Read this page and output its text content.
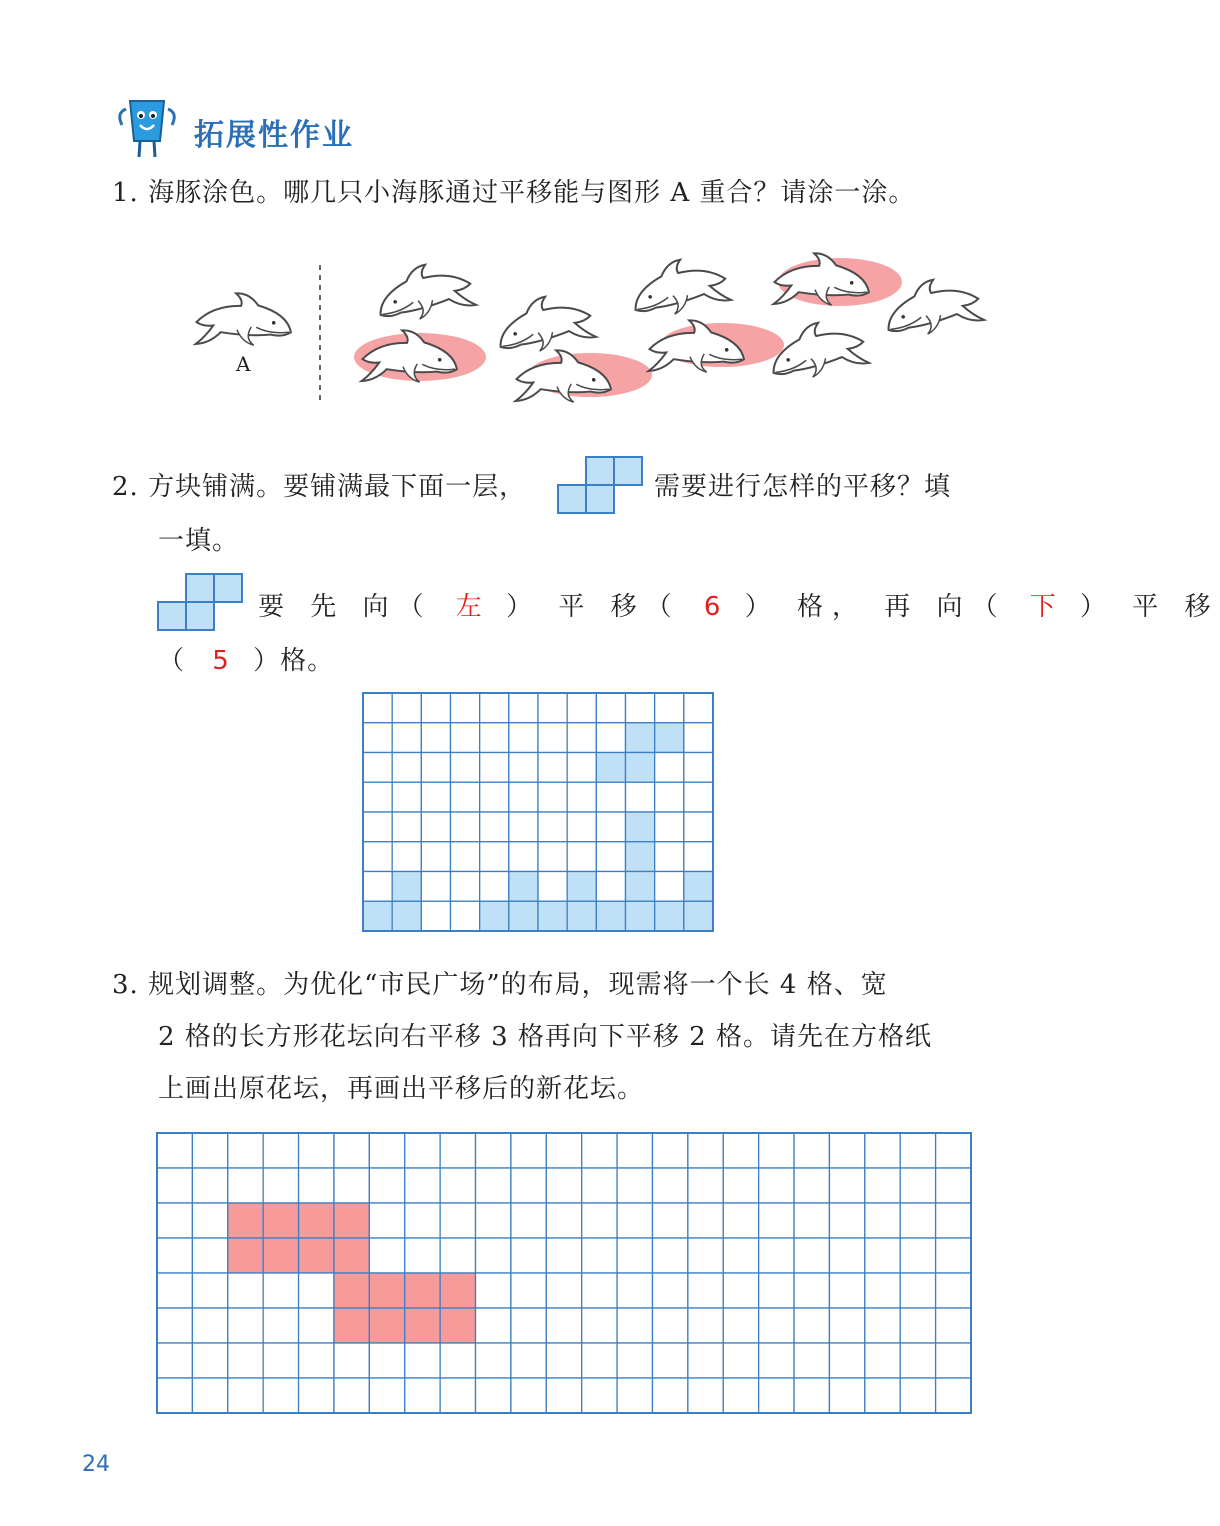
拓展性作业
1. 海豚涂色。哪几只小海豚通过平移能与图形 A 重合？请涂一涂。
A
2. 方块铺满。要铺满最下面一层，	需要进行怎样的平移？填
一填。
要 先 向（ 左 ） 平 移（ 6 ） 格， 再 向（ 下 ） 平 移
（ 5 ）格。
3. 规划调整。为优化“市民广场”的布局，现需将一个长 4 格、宽
2 格的长方形花坛向右平移 3 格再向下平移 2 格。请先在方格纸
上画出原花坛，再画出平移后的新花坛。
24
